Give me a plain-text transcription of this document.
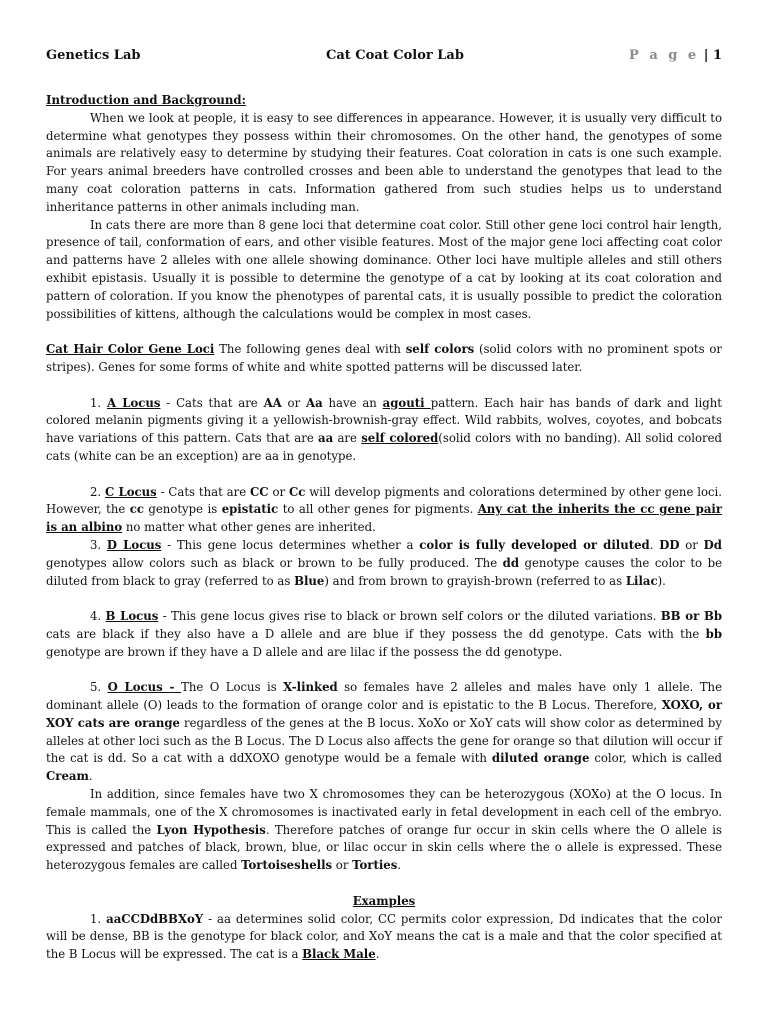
Genetics Lab	Cat Coat Color Lab	P a g e | 1

Introduction and Background:

When we look at people, it is easy to see differences in appearance. However, it is usually very difficult to determine what genotypes they possess within their chromosomes. On the other hand, the genotypes of some animals are relatively easy to determine by studying their features. Coat coloration in cats is one such example. For years animal breeders have controlled crosses and been able to understand the genotypes that lead to the many coat coloration patterns in cats. Information gathered from such studies helps us to understand inheritance patterns in other animals including man.

In cats there are more than 8 gene loci that determine coat color. Still other gene loci control hair length, presence of tail, conformation of ears, and other visible features. Most of the major gene loci affecting coat color and patterns have 2 alleles with one allele showing dominance. Other loci have multiple alleles and still others exhibit epistasis. Usually it is possible to determine the genotype of a cat by looking at its coat coloration and pattern of coloration. If you know the phenotypes of parental cats, it is usually possible to predict the coloration possibilities of kittens, although the calculations would be complex in most cases.

Cat Hair Color Gene Loci The following genes deal with self colors (solid colors with no prominent spots or stripes). Genes for some forms of white and white spotted patterns will be discussed later.

1. A Locus - Cats that are AA or Aa have an agouti pattern. Each hair has bands of dark and light colored melanin pigments giving it a yellowish-brownish-gray effect. Wild rabbits, wolves, coyotes, and bobcats have variations of this pattern. Cats that are aa are self colored(solid colors with no banding). All solid colored cats (white can be an exception) are aa in genotype.

2. C Locus - Cats that are CC or Cc will develop pigments and colorations determined by other gene loci. However, the cc genotype is epistatic to all other genes for pigments. Any cat the inherits the cc gene pair is an albino no matter what other genes are inherited.

3. D Locus - This gene locus determines whether a color is fully developed or diluted. DD or Dd genotypes allow colors such as black or brown to be fully produced. The dd genotype causes the color to be diluted from black to gray (referred to as Blue) and from brown to grayish-brown (referred to as Lilac).

4. B Locus - This gene locus gives rise to black or brown self colors or the diluted variations. BB or Bb cats are black if they also have a D allele and are blue if they possess the dd genotype. Cats with the bb genotype are brown if they have a D allele and are lilac if the possess the dd genotype.

5. O Locus - The O Locus is X-linked so females have 2 alleles and males have only 1 allele. The dominant allele (O) leads to the formation of orange color and is epistatic to the B Locus. Therefore, XOXO, or XOY cats are orange regardless of the genes at the B locus. XoXo or XoY cats will show color as determined by alleles at other loci such as the B Locus. The D Locus also affects the gene for orange so that dilution will occur if the cat is dd. So a cat with a ddXOXO genotype would be a female with diluted orange color, which is called Cream.

In addition, since females have two X chromosomes they can be heterozygous (XOXo) at the O locus. In female mammals, one of the X chromosomes is inactivated early in fetal development in each cell of the embryo. This is called the Lyon Hypothesis. Therefore patches of orange fur occur in skin cells where the O allele is expressed and patches of black, brown, blue, or lilac occur in skin cells where the o allele is expressed. These heterozygous females are called Tortoiseshells or Torties.

Examples

1. aaCCDdBBXoY - aa determines solid color, CC permits color expression, Dd indicates that the color will be dense, BB is the genotype for black color, and XoY means the cat is a male and that the color specified at the B Locus will be expressed. The cat is a Black Male.
